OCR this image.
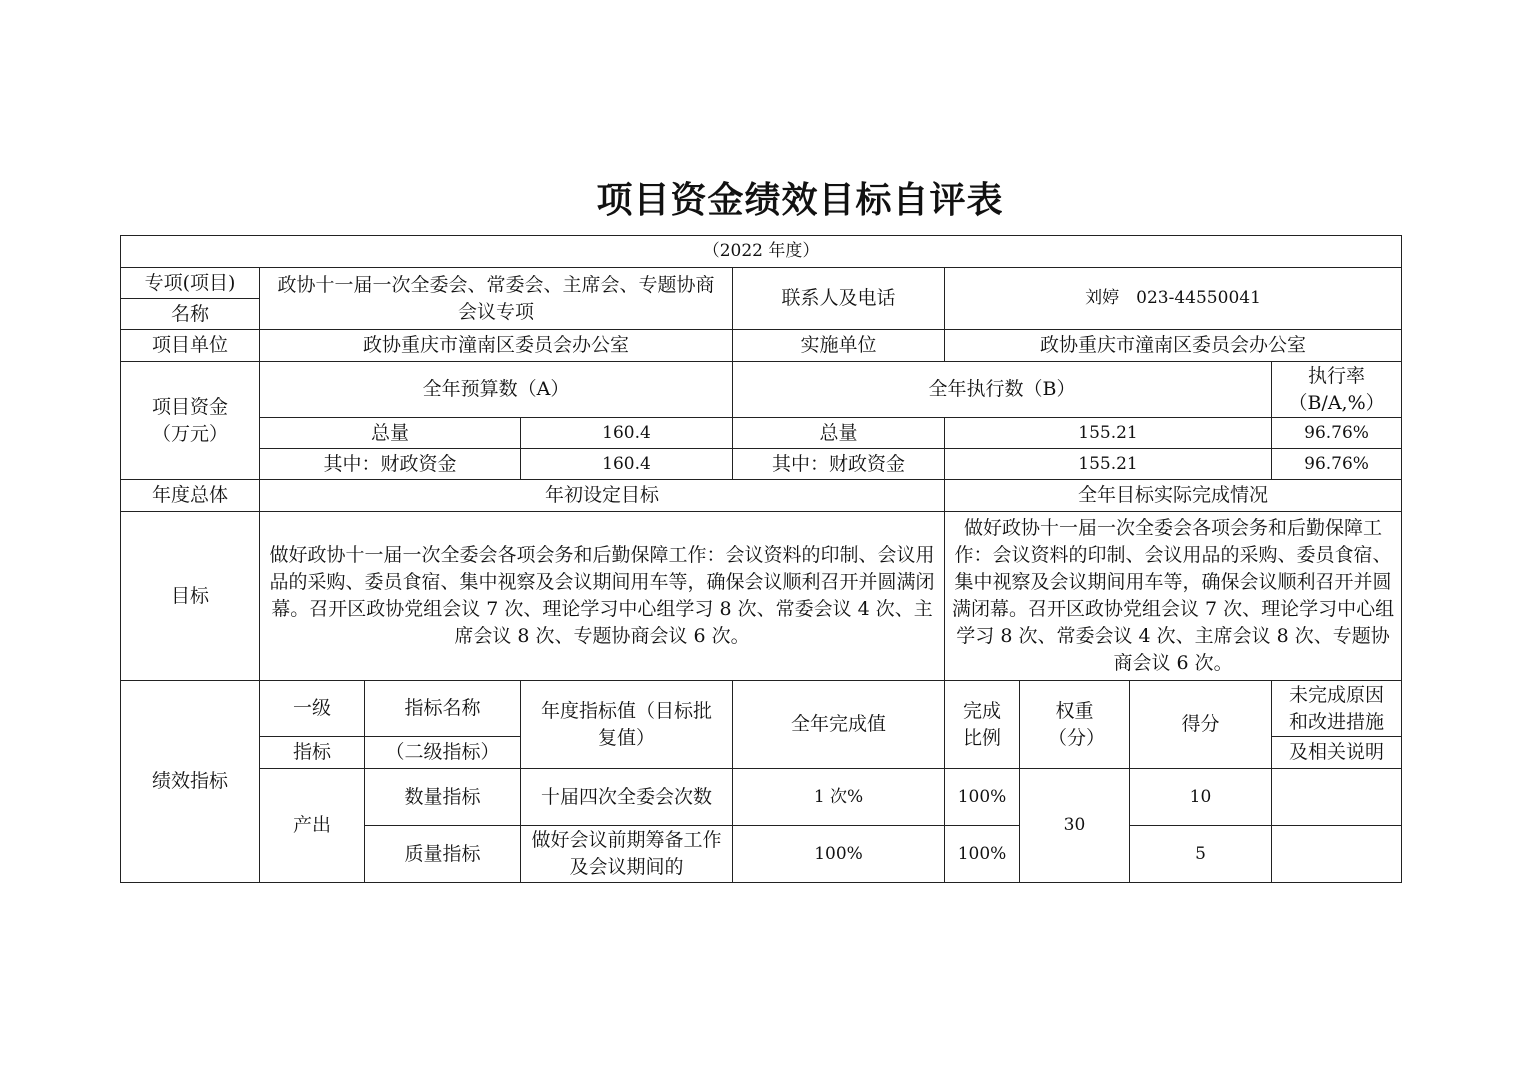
项目资金绩效目标自评表
（2022 年度）								
专项(项目)	政协十一届一次全委会、常委会、主席会、专题协商会议专项			联系人及电话	刘婷　023-44550041			
名称								
项目单位	政协重庆市潼南区委员会办公室			实施单位	政协重庆市潼南区委员会办公室			
项目资金（万元）	全年预算数（A）			全年执行数（B）				执行率（B/A,%）
	总量		160.4	总量	155.21			96.76%
	其中：财政资金		160.4	其中：财政资金	155.21			96.76%
年度总体	年初设定目标				全年目标实际完成情况			
目标	做好政协十一届一次全委会各项会务和后勤保障工作：会议资料的印制、会议用品的采购、委员食宿、集中视察及会议期间用车等，确保会议顺利召开并圆满闭幕。召开区政协党组会议 7 次、理论学习中心组学习 8 次、常委会议 4 次、主席会议 8 次、专题协商会议 6 次。				做好政协十一届一次全委会各项会务和后勤保障工作：会议资料的印制、会议用品的采购、委员食宿、集中视察及会议期间用车等，确保会议顺利召开并圆满闭幕。召开区政协党组会议 7 次、理论学习中心组学习 8 次、常委会议 4 次、主席会议 8 次、专题协商会议 6 次。			
绩效指标	一级	指标名称	年度指标值（目标批复值）	全年完成值	完成比例	权重（分）	得分	未完成原因和改进措施
	指标	（二级指标）						及相关说明
	产出	数量指标	十届四次全委会次数	1 次%	100%	30	10	
		质量指标	做好会议前期筹备工作及会议期间的	100%	100%		5	
